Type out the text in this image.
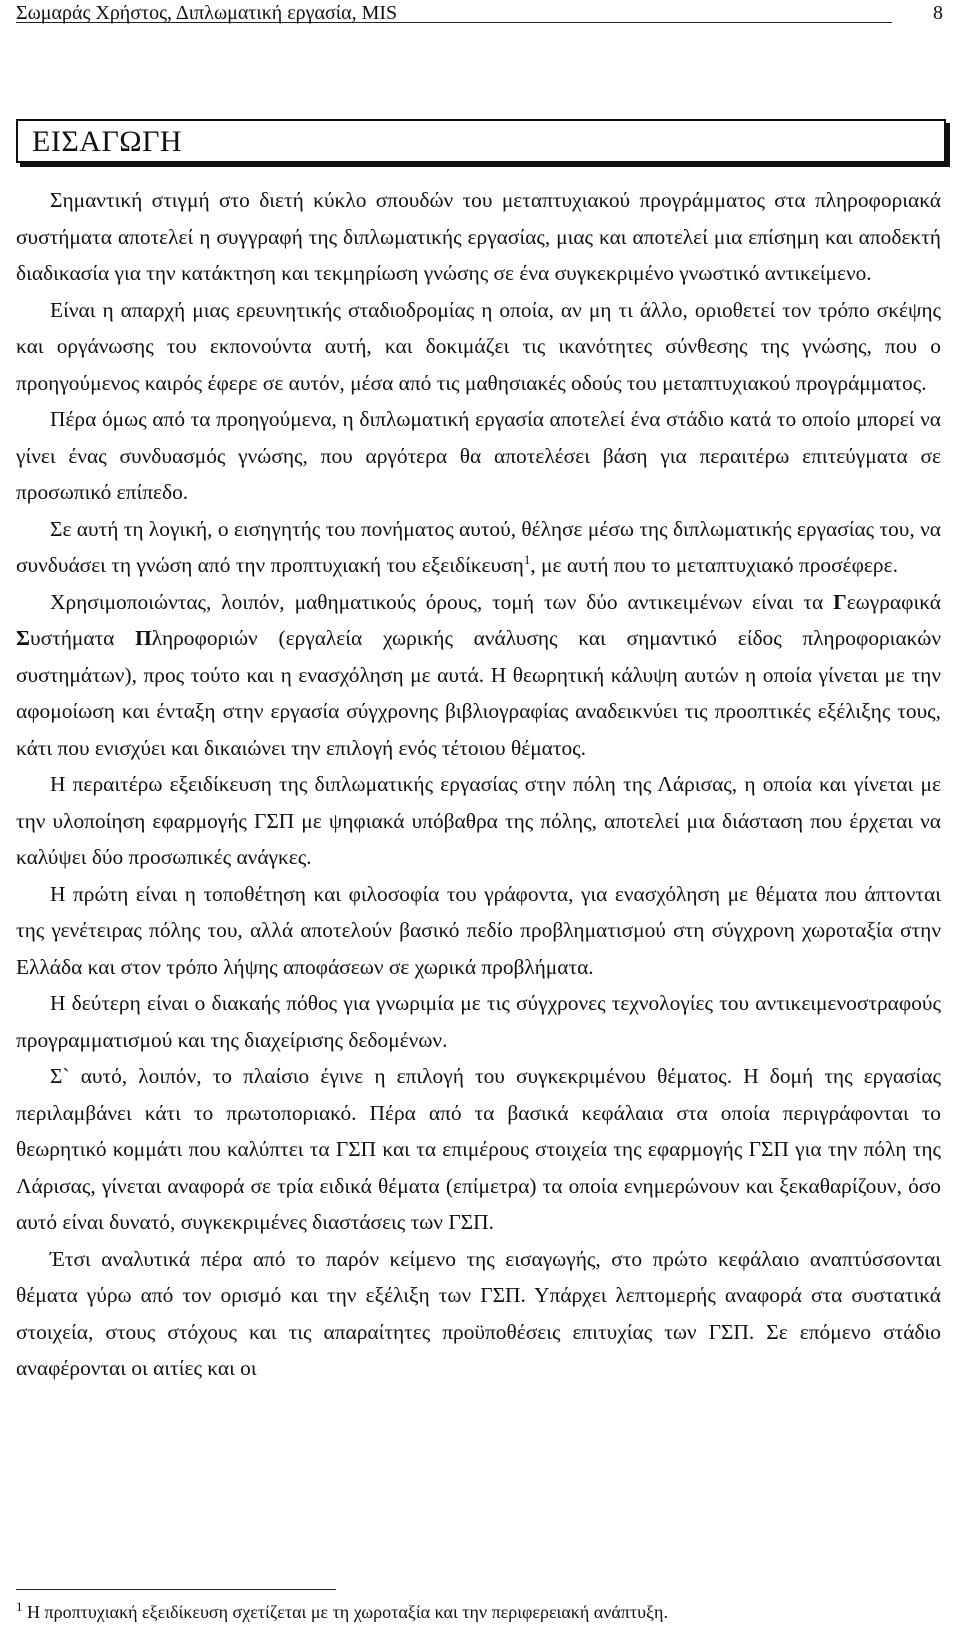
Σωμαράς Χρήστος, Διπλωματική εργασία, MIS	8
ΕΙΣΑΓΩΓΗ

Σημαντική στιγμή στο διετή κύκλο σπουδών του μεταπτυχιακού προγράμματος στα πληροφοριακά συστήματα αποτελεί η συγγραφή της διπλωματικής εργασίας, μιας και αποτελεί μια επίσημη και αποδεκτή διαδικασία για την κατάκτηση και τεκμηρίωση γνώσης σε ένα συγκεκριμένο γνωστικό αντικείμενο.

Είναι η απαρχή μιας ερευνητικής σταδιοδρομίας η οποία, αν μη τι άλλο, οριοθετεί τον τρόπο σκέψης και οργάνωσης του εκπονούντα αυτή, και δοκιμάζει τις ικανότητες σύνθεσης της γνώσης, που ο προηγούμενος καιρός έφερε σε αυτόν, μέσα από τις μαθησιακές οδούς του μεταπτυχιακού προγράμματος.

Πέρα όμως από τα προηγούμενα, η διπλωματική εργασία αποτελεί ένα στάδιο κατά το οποίο μπορεί να γίνει ένας συνδυασμός γνώσης, που αργότερα θα αποτελέσει βάση για περαιτέρω επιτεύγματα σε προσωπικό επίπεδο.

Σε αυτή τη λογική, ο εισηγητής του πονήματος αυτού, θέλησε μέσω της διπλωματικής εργασίας του, να συνδυάσει τη γνώση από την προπτυχιακή του εξειδίκευση$^1$, με αυτή που το μεταπτυχιακό προσέφερε.

Χρησιμοποιώντας, λοιπόν, μαθηματικούς όρους, τομή των δύο αντικειμένων είναι τα Γεωγραφικά Συστήματα Πληροφοριών (εργαλεία χωρικής ανάλυσης και σημαντικό είδος πληροφοριακών συστημάτων), προς τούτο και η ενασχόληση με αυτά. Η θεωρητική κάλυψη αυτών η οποία γίνεται με την αφομοίωση και ένταξη στην εργασία σύγχρονης βιβλιογραφίας αναδεικνύει τις προοπτικές εξέλιξης τους, κάτι που ενισχύει και δικαιώνει την επιλογή ενός τέτοιου θέματος.

Η περαιτέρω εξειδίκευση της διπλωματικής εργασίας στην πόλη της Λάρισας, η οποία και γίνεται με την υλοποίηση εφαρμογής ΓΣΠ με ψηφιακά υπόβαθρα της πόλης, αποτελεί μια διάσταση που έρχεται να καλύψει δύο προσωπικές ανάγκες.

Η πρώτη είναι η τοποθέτηση και φιλοσοφία του γράφοντα, για ενασχόληση με θέματα που άπτονται της γενέτειρας πόλης του, αλλά αποτελούν βασικό πεδίο προβληματισμού στη σύγχρονη χωροταξία στην Ελλάδα και στον τρόπο λήψης αποφάσεων σε χωρικά προβλήματα.

Η δεύτερη είναι ο διακαής πόθος για γνωριμία με τις σύγχρονες τεχνολογίες του αντικειμενοστραφούς προγραμματισμού και της διαχείρισης δεδομένων.

Σ` αυτό, λοιπόν, το πλαίσιο έγινε η επιλογή του συγκεκριμένου θέματος. Η δομή της εργασίας περιλαμβάνει κάτι το πρωτοποριακό. Πέρα από τα βασικά κεφάλαια στα οποία περιγράφονται το θεωρητικό κομμάτι που καλύπτει τα ΓΣΠ και τα επιμέρους στοιχεία της εφαρμογής ΓΣΠ για την πόλη της Λάρισας, γίνεται αναφορά σε τρία ειδικά θέματα (επίμετρα) τα οποία ενημερώνουν και ξεκαθαρίζουν, όσο αυτό είναι δυνατό, συγκεκριμένες διαστάσεις των ΓΣΠ.

Έτσι αναλυτικά πέρα από το παρόν κείμενο της εισαγωγής, στο πρώτο κεφάλαιο αναπτύσσονται θέματα γύρω από τον ορισμό και την εξέλιξη των ΓΣΠ. Υπάρχει λεπτομερής αναφορά στα συστατικά στοιχεία, στους στόχους και τις απαραίτητες προϋποθέσεις επιτυχίας των ΓΣΠ. Σε επόμενο στάδιο αναφέρονται οι αιτίες και οι

$^1$ Η προπτυχιακή εξειδίκευση σχετίζεται με τη χωροταξία και την περιφερειακή ανάπτυξη.
